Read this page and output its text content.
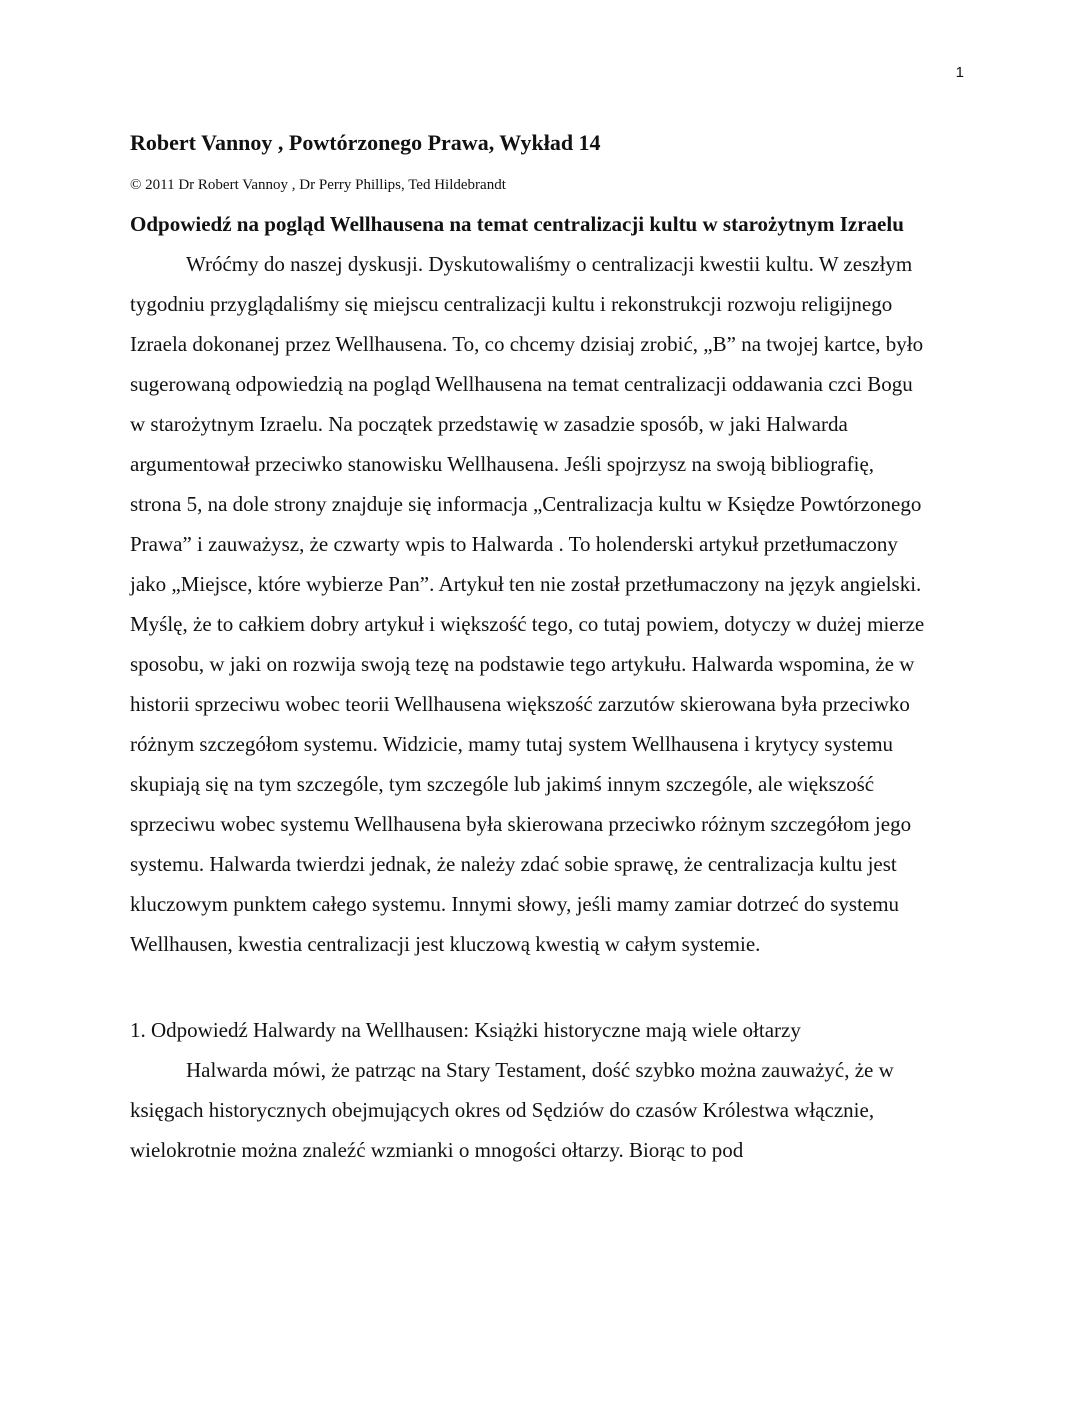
1
Robert Vannoy , Powtórzonego Prawa, Wykład 14
© 2011 Dr Robert Vannoy , Dr Perry Phillips, Ted Hildebrandt
Odpowiedź na pogląd Wellhausena na temat centralizacji kultu w starożytnym Izraelu

Wróćmy do naszej dyskusji. Dyskutowaliśmy o centralizacji kwestii kultu. W zeszłym tygodniu przyglądaliśmy się miejscu centralizacji kultu i rekonstrukcji rozwoju religijnego Izraela dokonanej przez Wellhausena. To, co chcemy dzisiaj zrobić, „B” na twojej kartce, było sugerowaną odpowiedzią na pogląd Wellhausena na temat centralizacji oddawania czci Bogu w starożytnym Izraelu. Na początek przedstawię w zasadzie sposób, w jaki Halwarda argumentował przeciwko stanowisku Wellhausena. Jeśli spojrzysz na swoją bibliografię, strona 5, na dole strony znajduje się informacja „Centralizacja kultu w Księdze Powtórzonego Prawa” i zauważysz, że czwarty wpis to Halwarda . To holenderski artykuł przetłumaczony jako „Miejsce, które wybierze Pan”. Artykuł ten nie został przetłumaczony na język angielski. Myślę, że to całkiem dobry artykuł i większość tego, co tutaj powiem, dotyczy w dużej mierze sposobu, w jaki on rozwija swoją tezę na podstawie tego artykułu. Halwarda wspomina, że w historii sprzeciwu wobec teorii Wellhausena większość zarzutów skierowana była przeciwko różnym szczegółom systemu. Widzicie, mamy tutaj system Wellhausena i krytycy systemu skupiają się na tym szczególe, tym szczególe lub jakimś innym szczególe, ale większość sprzeciwu wobec systemu Wellhausena była skierowana przeciwko różnym szczegółom jego systemu. Halwarda twierdzi jednak, że należy zdać sobie sprawę, że centralizacja kultu jest kluczowym punktem całego systemu. Innymi słowy, jeśli mamy zamiar dotrzeć do systemu Wellhausen, kwestia centralizacji jest kluczową kwestią w całym systemie.

1. Odpowiedź Halwardy na Wellhausen: Książki historyczne mają wiele ołtarzy

Halwarda mówi, że patrząc na Stary Testament, dość szybko można zauważyć, że w księgach historycznych obejmujących okres od Sędziów do czasów Królestwa włącznie, wielokrotnie można znaleźć wzmianki o mnogości ołtarzy. Biorąc to pod
